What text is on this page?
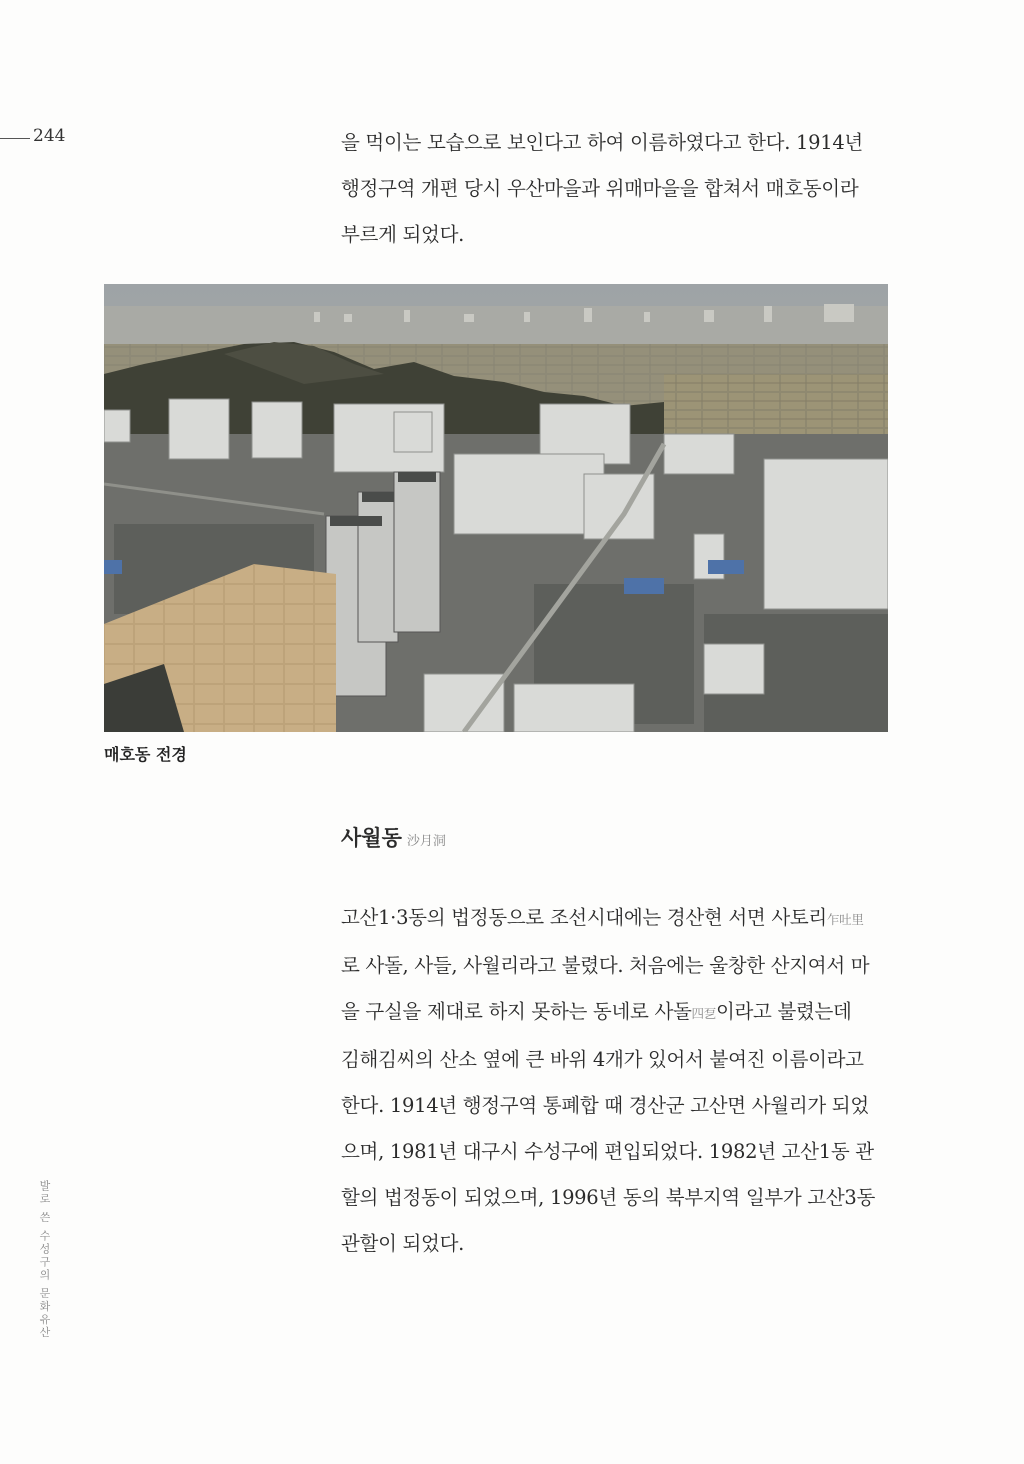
244	을 먹이는 모습으로 보인다고 하여 이름하였다고 한다. 1914년
행정구역 개편 당시 우산마을과 위매마을을 합쳐서 매호동이라
부르게 되었다.
매호동 전경
사월동 沙月洞
고산1·3동의 법정동으로 조선시대에는 경산현 서면 사토리乍吐里
로 사돌, 사들, 사월리라고 불렸다. 처음에는 울창한 산지여서 마
을 구실을 제대로 하지 못하는 동네로 사돌四乭이라고 불렸는데
김해김씨의 산소 옆에 큰 바위 4개가 있어서 붙여진 이름이라고
한다. 1914년 행정구역 통폐합 때 경산군 고산면 사월리가 되었
으며, 1981년 대구시 수성구에 편입되었다. 1982년 고산1동 관
할의 법정동이 되었으며, 1996년 동의 북부지역 일부가 고산3동
관할이 되었다.
발로 쓴 수성구의 문화유산
